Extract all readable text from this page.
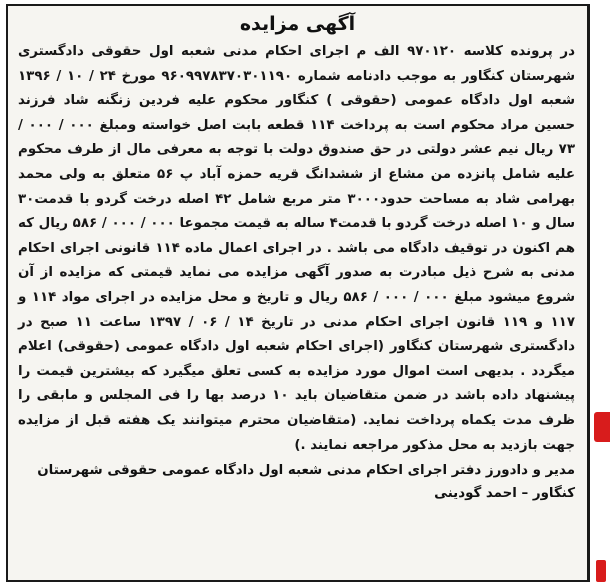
آگهی مزایده

در پرونده کلاسه ۹۷۰۱۲۰ الف م اجرای احکام مدنی شعبه اول حقوقی دادگستری شهرستان کنگاور به موجب دادنامه شماره ۹۶۰۹۹۷۸۳۷۰۳۰۱۱۹۰ مورخ ۲۴ / ۱۰ / ۱۳۹۶ شعبه اول دادگاه عمومی (حقوقی ) کنگاور محکوم علیه فردین زنگنه شاد فرزند حسین مراد محکوم است به پرداخت ۱۱۴ قطعه بابت اصل خواسته ومبلغ ۰۰۰ / ۰۰۰ / ۷۳ ریال نیم عشر دولتی در حق صندوق دولت با توجه به معرفی مال از طرف محکوم علیه شامل پانزده من مشاع از ششدانگ قریه حمزه آباد پ ۵۶ متعلق به ولی محمد بهرامی شاد به مساحت حدود۳۰۰۰ متر مربع شامل ۴۲ اصله درخت گردو با قدمت۳۰ سال و ۱۰ اصله درخت گردو با قدمت۴ ساله به قیمت مجموعا ۰۰۰ / ۰۰۰ / ۵۸۶ ریال که هم اکنون در توقیف دادگاه می باشد . در اجرای اعمال ماده ۱۱۴ قانونی اجرای احکام مدنی به شرح ذیل مبادرت به صدور آگهی مزایده می نماید قیمتی که مزایده از آن شروع میشود مبلغ ۰۰۰ / ۰۰۰ / ۵۸۶ ریال و تاریخ و محل مزایده در اجرای مواد ۱۱۴ و ۱۱۷ و ۱۱۹ قانون اجرای احکام مدنی در تاریخ ۱۴ / ۰۶ / ۱۳۹۷ ساعت ۱۱ صبح در دادگستری شهرستان کنگاور (اجرای احکام شعبه اول دادگاه عمومی (حقوقی) اعلام میگردد . بدیهی است اموال مورد مزایده به کسی تعلق میگیرد که بیشترین قیمت را پیشنهاد داده باشد در ضمن متقاضیان باید ۱۰ درصد بها را فی المجلس و مابقی را ظرف مدت یکماه پرداخت نماید. (متقاضیان محترم میتوانند یک هفته قبل از مزایده جهت بازدید به محل مذکور مراجعه نمایند .)

مدیر و دادورز دفتر اجرای احکام مدنی شعبه اول دادگاه عمومی حقوقی شهرستان
کنگاور – احمد گودینی
